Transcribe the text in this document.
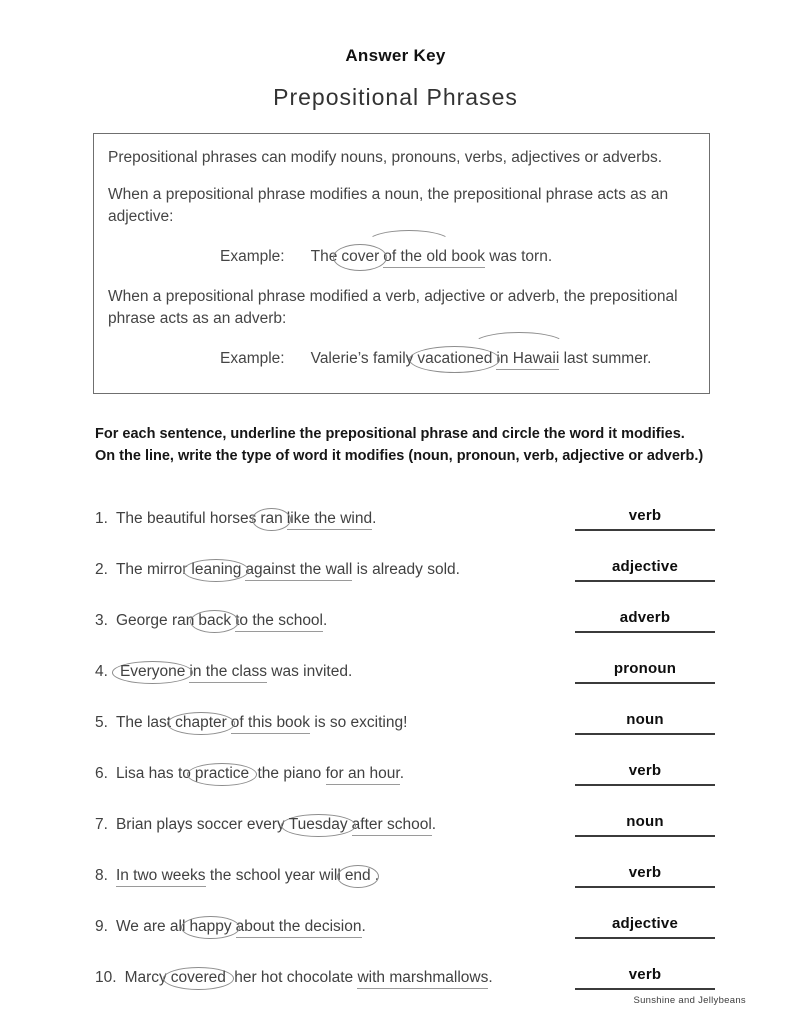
Answer Key
Prepositional Phrases

Prepositional phrases can modify nouns, pronouns, verbs, adjectives or adverbs.

When a prepositional phrase modifies a noun, the prepositional phrase acts as an adjective:

Example: The cover of the old book was torn.

When a prepositional phrase modified a verb, adjective or adverb, the prepositional phrase acts as an adverb:

Example: Valerie’s family vacationed in Hawaii last summer.

For each sentence, underline the prepositional phrase and circle the word it modifies.

On the line, write the type of word it modifies (noun, pronoun, verb, adjective or adverb.)

1. The beautiful horses ran like the wind.	verb
2. The mirror leaning against the wall is already sold.	adjective
3. George ran back to the school.	adverb
4. Everyone in the class was invited.	pronoun
5. The last chapter of this book is so exciting!	noun
6. Lisa has to practice the piano for an hour.	verb
7. Brian plays soccer every Tuesday after school.	noun
8. In two weeks the school year will end .	verb
9. We are all happy about the decision.	adjective
10. Marcy covered her hot chocolate with marshmallows.	verb
Sunshine and Jellybeans
